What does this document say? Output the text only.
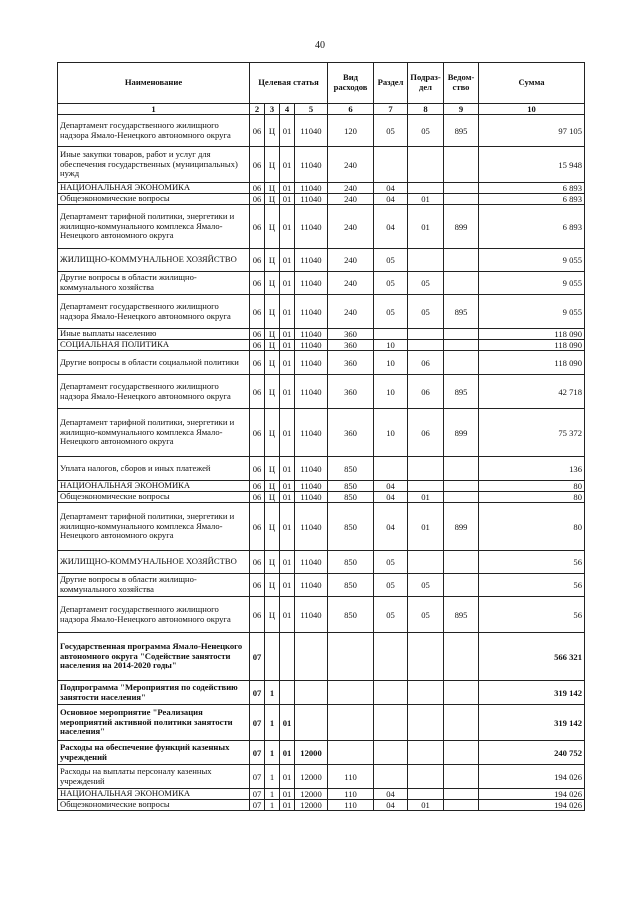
40
Наименование	Целевая статья				Вид расходов	Раздел	Подраз-дел	Ведом-ство	Сумма
1	2	3	4	5	6	7	8	9	10
Департамент государственного жилищного надзора Ямало-Ненецкого автономного округа	06	Ц	01	11040	120	05	05	895	97 105
Иные закупки товаров, работ и услуг для обеспечения государственных (муниципальных) нужд	06	Ц	01	11040	240				15 948
НАЦИОНАЛЬНАЯ ЭКОНОМИКА	06	Ц	01	11040	240	04			6 893
Общеэкономические вопросы	06	Ц	01	11040	240	04	01		6 893
Департамент тарифной политики, энергетики и жилищно-коммунального комплекса Ямало-Ненецкого автономного округа	06	Ц	01	11040	240	04	01	899	6 893
ЖИЛИЩНО-КОММУНАЛЬНОЕ ХОЗЯЙСТВО	06	Ц	01	11040	240	05			9 055
Другие вопросы в области жилищно-коммунального хозяйства	06	Ц	01	11040	240	05	05		9 055
Департамент государственного жилищного надзора Ямало-Ненецкого автономного округа	06	Ц	01	11040	240	05	05	895	9 055
Иные выплаты населению	06	Ц	01	11040	360				118 090
СОЦИАЛЬНАЯ ПОЛИТИКА	06	Ц	01	11040	360	10			118 090
Другие вопросы в области социальной политики	06	Ц	01	11040	360	10	06		118 090
Департамент государственного жилищного надзора Ямало-Ненецкого автономного округа	06	Ц	01	11040	360	10	06	895	42 718
Департамент тарифной политики, энергетики и жилищно-коммунального комплекса Ямало-Ненецкого автономного округа	06	Ц	01	11040	360	10	06	899	75 372
Уплата налогов, сборов и иных платежей	06	Ц	01	11040	850				136
НАЦИОНАЛЬНАЯ ЭКОНОМИКА	06	Ц	01	11040	850	04			80
Общеэкономические вопросы	06	Ц	01	11040	850	04	01		80
Департамент тарифной политики, энергетики и жилищно-коммунального комплекса Ямало-Ненецкого автономного округа	06	Ц	01	11040	850	04	01	899	80
ЖИЛИЩНО-КОММУНАЛЬНОЕ ХОЗЯЙСТВО	06	Ц	01	11040	850	05			56
Другие вопросы в области жилищно-коммунального хозяйства	06	Ц	01	11040	850	05	05		56
Департамент государственного жилищного надзора Ямало-Ненецкого автономного округа	06	Ц	01	11040	850	05	05	895	56
Государственная программа Ямало-Ненецкого автономного округа "Содействие занятости населения на 2014-2020 годы"	07								566 321
Подпрограмма "Мероприятия по содействию занятости населения"	07	1							319 142
Основное мероприятие "Реализация мероприятий активной политики занятости населения"	07	1	01						319 142
Расходы на обеспечение функций казенных учреждений	07	1	01	12000					240 752
Расходы на выплаты персоналу казенных учреждений	07	1	01	12000	110				194 026
НАЦИОНАЛЬНАЯ ЭКОНОМИКА	07	1	01	12000	110	04			194 026
Общеэкономические вопросы	07	1	01	12000	110	04	01		194 026
